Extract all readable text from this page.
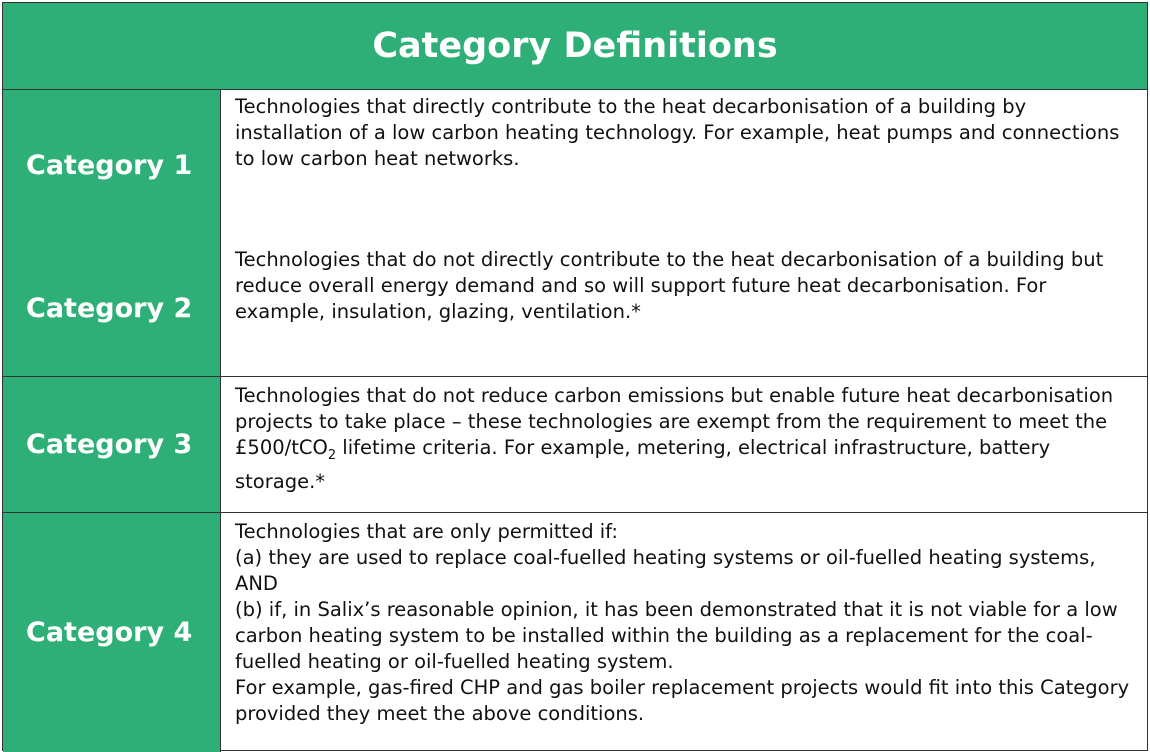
Category Definitions
Category 1

Technologies that directly contribute to the heat decarbonisation of a building by installation of a low carbon heating technology. For example, heat pumps and connections to low carbon heat networks.

Category 2

Technologies that do not directly contribute to the heat decarbonisation of a building but reduce overall energy demand and so will support future heat decarbonisation. For example, insulation, glazing, ventilation.*

Category 3

Technologies that do not reduce carbon emissions but enable future heat decarbonisation projects to take place – these technologies are exempt from the requirement to meet the £500/tCO$_2$ lifetime criteria. For example, metering, electrical infrastructure, battery storage.*

Category 4

Technologies that are only permitted if:

(a) they are used to replace coal-fuelled heating systems or oil-fuelled heating systems,

AND

(b) if, in Salix’s reasonable opinion, it has been demonstrated that it is not viable for a low carbon heating system to be installed within the building as a replacement for the coal-fuelled heating or oil-fuelled heating system.

For example, gas-fired CHP and gas boiler replacement projects would fit into this Category provided they meet the above conditions.
